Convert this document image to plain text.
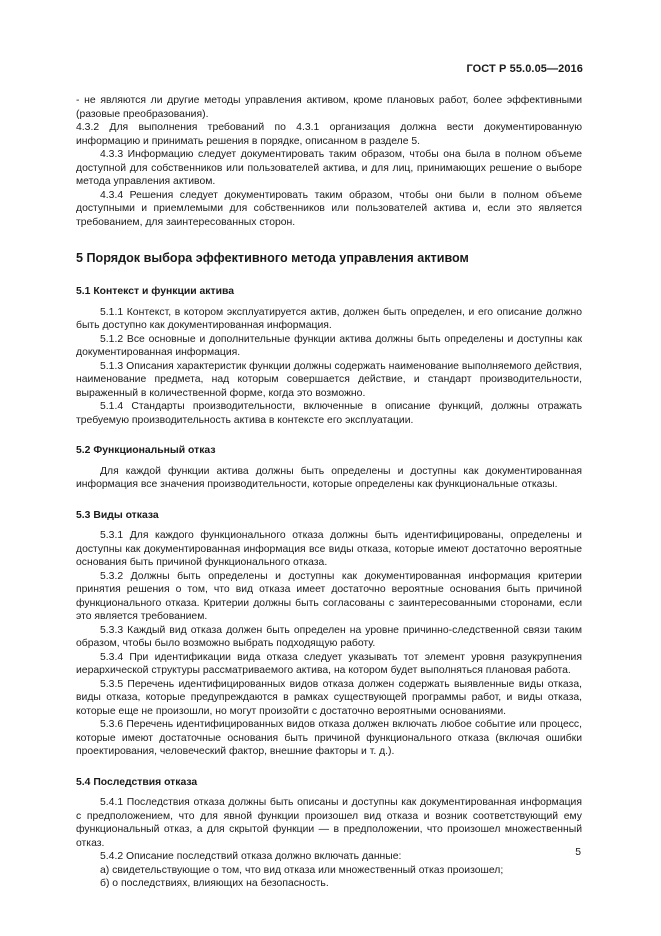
ГОСТ Р 55.0.05—2016

- не являются ли другие методы управления активом, кроме плановых работ, более эффективными (разовые преобразования).

4.3.2 Для выполнения требований по 4.3.1 организация должна вести документированную информацию и принимать решения в порядке, описанном в разделе 5.

4.3.3 Информацию следует документировать таким образом, чтобы она была в полном объеме доступной для собственников или пользователей актива, и для лиц, принимающих решение о выборе метода управления активом.

4.3.4 Решения следует документировать таким образом, чтобы они были в полном объеме доступными и приемлемыми для собственников или пользователей актива и, если это является требованием, для заинтересованных сторон.

5 Порядок выбора эффективного метода управления активом
5.1 Контекст и функции актива

5.1.1 Контекст, в котором эксплуатируется актив, должен быть определен, и его описание должно быть доступно как документированная информация.

5.1.2 Все основные и дополнительные функции актива должны быть определены и доступны как документированная информация.

5.1.3 Описания характеристик функции должны содержать наименование выполняемого действия, наименование предмета, над которым совершается действие, и стандарт производительности, выраженный в количественной форме, когда это возможно.

5.1.4 Стандарты производительности, включенные в описание функций, должны отражать требуемую производительность актива в контексте его эксплуатации.

5.2 Функциональный отказ

Для каждой функции актива должны быть определены и доступны как документированная информация все значения производительности, которые определены как функциональные отказы.

5.3 Виды отказа

5.3.1 Для каждого функционального отказа должны быть идентифицированы, определены и доступны как документированная информация все виды отказа, которые имеют достаточно вероятные основания быть причиной функционального отказа.

5.3.2 Должны быть определены и доступны как документированная информация критерии принятия решения о том, что вид отказа имеет достаточно вероятные основания быть причиной функционального отказа. Критерии должны быть согласованы с заинтересованными сторонами, если это является требованием.

5.3.3 Каждый вид отказа должен быть определен на уровне причинно-следственной связи таким образом, чтобы было возможно выбрать подходящую работу.

5.3.4 При идентификации вида отказа следует указывать тот элемент уровня разукрупнения иерархической структуры рассматриваемого актива, на котором будет выполняться плановая работа.

5.3.5 Перечень идентифицированных видов отказа должен содержать выявленные виды отказа, виды отказа, которые предупреждаются в рамках существующей программы работ, и виды отказа, которые еще не произошли, но могут произойти с достаточно вероятными основаниями.

5.3.6 Перечень идентифицированных видов отказа должен включать любое событие или процесс, которые имеют достаточные основания быть причиной функционального отказа (включая ошибки проектирования, человеческий фактор, внешние факторы и т. д.).

5.4 Последствия отказа

5.4.1 Последствия отказа должны быть описаны и доступны как документированная информация с предположением, что для явной функции произошел вид отказа и возник соответствующий ему функциональный отказ, а для скрытой функции — в предположении, что произошел множественный отказ.

5.4.2 Описание последствий отказа должно включать данные:

а) свидетельствующие о том, что вид отказа или множественный отказ произошел;

б) о последствиях, влияющих на безопасность.

5
